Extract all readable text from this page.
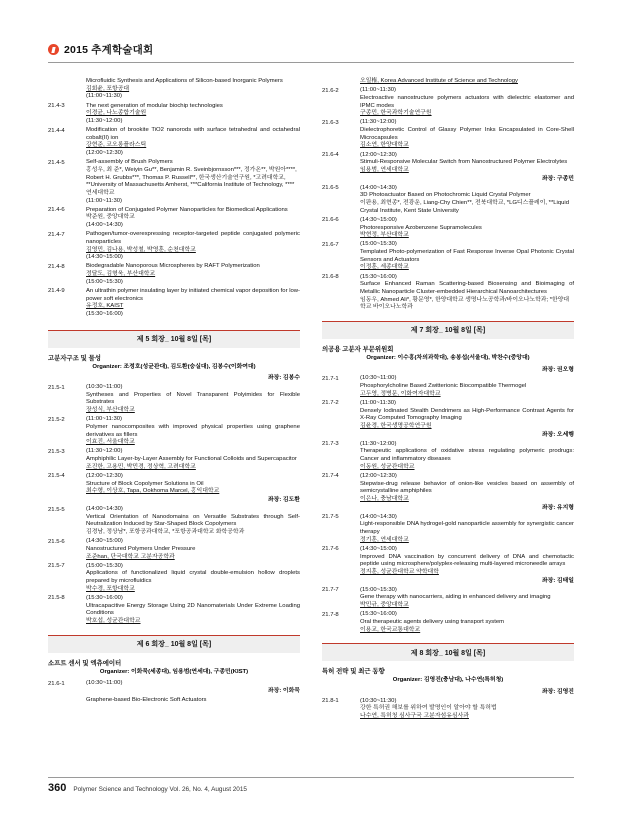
2015 추계학술대회
Microfluidic Synthesis and Applications of Silicon-based Inorganic Polymers
김회윤, 포항공대
(11:00~11:30)
21.4-3	The next generation of modular biochip technologies
이경균, 나노종합기술원
(11:30~12:00)
21.4-4	Modification of brookite TiO2 nanorods with surface tetrahedral and octahedral cobalt(II) ion
강현준, 코오롱플라스틱
(12:00~12:30)
21.4-5	Self-assembly of Brush Polymers
홍성우, 최 준*, Weiyin Gu**, Benjamin R. Sveinbjornsson***, 정가온**, 박원아****, Robert H. Grubbs***, Thomas P. Russell**, 한국생산기술연구원, *고려대학교, **University of Massachusetts Amherst, ***California Institute of Technology, ****연세대학교
(11:00~11:30)
21.4-6	Preparation of Conjugated Polymer Nanoparticles for Biomedical Applications
박준원, 중앙대학교
(14:00~14:30)
21.4-7	Pathogen/tumor-overexpressing receptor-targeted peptide conjugated polymeric nanoparticles
김영민, 김나용, 박성철, 박영훈, 순천대학교
(14:30~15:00)
21.4-8	Biodegradable Nanoporous Microspheres by RAFT Polymerization
정달도, 김형욱, 부산대학교
(15:00~15:30)
21.4-9	An ultrathin polymer insulating layer by initiated chemical vapor deposition for low-power soft electronics
유정호, KAIST
(15:30~16:00)
제 5 회장_ 10월 8일 [목]
고분자구조 및 물성
Organizer: 조정호(성균관대), 김도환(숭실대), 김봉수(이화여대)
좌장: 김봉수
21.5-1	(10:30~11:00)
Syntheses and Properties of Novel Transparent Polyimides for Flexible Substrates
장성식, 부산대학교
21.5-2	(11:00~11:30)
Polymer nanocomposites with improved physical properties using graphene derivatives as fillers
이효진, 서울대학교
21.5-3	(11:30~12:00)
Amphiphilic Layer-by-Layer Assembly for Functional Colloids and Supercapacitor
조진한, 고용민, 박민경, 정상혁, 고려대학교
21.5-4	(12:00~12:30)
Structure of Block Copolymer Solutions in Oil
최수형, 이상호, Tapa, Ookhoma Marcel, 홍익대학교
좌장: 김도환
21.5-5	(14:00~14:30)
Vertical Orientation of Nanodomains on Versatile Substrates through Self-Neutralization Induced by Star-Shaped Block Copolymers
김경남, 정상남*, 포항공과대학교, *포항공과대학교 화학공학과
21.5-6	(14:30~15:00)
Nanostructured Polymers Under Pressure
조준han, 단국대학교 고분자공학과
21.5-7	(15:00~15:30)
Applications of functionalized liquid crystal double-emulsion hollow droplets prepared by microfluidics
박수경, 포항대학교
21.5-8	(15:30~16:00)
Ultracapacitive Energy Storage Using 2D Nanomaterials Under Extreme Loading Conditions
박호섭, 성균관대학교
제 6 회장_ 10월 8일 [목]
소프트 센서 및 엑츄에이터
Organizer: 이화묵(세종대), 임용범(연세대), 구종민(KIST)
21.6-1	(10:30~11:00)
좌장: 이화묵
Graphene-based Bio-Electronic Soft Actuators
오일権, Korea Advanced Institute of Science and Technology
21.6-2	(11:00~11:30)
Electroactive nanostructure polymers actuators with dielectric elastomer and IPMC modes
구종민, 한국과학기술연구원
21.6-3	(11:30~12:00)
Dielectrophoretic Control of Glassy Polymer Inks Encapsulated in Core-Shell Microcapsules
김소연, 한양대학교
21.6-4	(12:00~12:30)
Stimuli-Responsive Molecular Switch from Nanostructured Polymer Electrolytes
임용범, 연세대학교
좌장: 구종민
21.6-5	(14:00~14:30)
3D Photoactuator Based on Photochromic Liquid Crystal Polymer
이판용, 최현종*, 전광운, Liang-Chy Chien**, 전북대학교, *LG디스플레이, **Liquid Crystal Institute, Kent State University
21.6-6	(14:30~15:00)
Photoresponsive Azobenzene Supramolecules
박현정, 부산대학교
21.6-7	(15:00~15:30)
Templated Photo-polymerization of Fast Response Inverse Opal Photonic Crystal Sensors and Actuators
이정훈, 세종대학교
21.6-8	(15:30~16:00)
Surface Enhanced Raman Scattering-based Biosensing and Bioimaging of Metallic Nanoparticle Cluster-embedded Hierarchical Nanoarchitectures
임동우, Ahmed Ali*, 황문영*, 한양대학교 생명나노공학과/바이오나노학과; *한양대학교 바이오나노학과
제 7 회장_ 10월 8일 [목]
의공용 고분자 부문위원회
Organizer: 이수홍(차의과학대), 송봉섭(서울대), 박찬수(중앙대)
좌장: 권오형
21.7-1	(10:30~11:00)
Phosphorylcholine Based Zwitterionic Biocompatible Thermogel
고두영, 정병문, 이화여자대학교
21.7-2	(11:00~11:30)
Densely Iodinated Stealth Dendrimers as High-Performance Contrast Agents for X-Ray Computed Tomography Imaging
김윤경, 한국생명공학연구원
좌장: 오세행
21.7-3	(11:30~12:00)
Therapeutic applications of oxidative stress regulating polymeric prodrugs: Cancer and inflammatory diseases
이동원, 성균관대학교
21.7-4	(12:00~12:30)
Stepwise-drug release behavior of onion-like vesicles based on assembly of semicrystalline amphiphiles
이은나, 충남대학교
좌장: 유지형
21.7-5	(14:00~14:30)
Light-responsible DNA hydrogel-gold nanoparticle assembly for synergistic cancer therapy
정기훈, 연세대학교
21.7-6	(14:30~15:00)
Improved DNA vaccination by concurrent delivery of DNA and chemotactic peptide using microsphere/polyplex-releasing multi-layered microneedle arrays
정지훈, 성균관대학교 약학대학
좌장: 김태일
21.7-7	(15:00~15:30)
Gene therapy with nanocarriers, aiding in enhanced delivery and imaging
박민규, 중앙대학교
21.7-8	(15:30~16:00)
Oral therapeutic agents delivery using transport system
이용교, 한국교통대학교
제 8 회장_ 10월 8일 [목]
특허 전략 및 최근 동향
Organizer: 김영진(충남대), 나수연(특허청)
좌장: 김영진
21.8-1	(10:30~11:30)
강한 특허권 해보를 위하여 발명인이 알아야 할 특허법
나수연, 특허청 심사구국 고분자섬유심사과
360 Polymer Science and Technology Vol. 26, No. 4, August 2015
